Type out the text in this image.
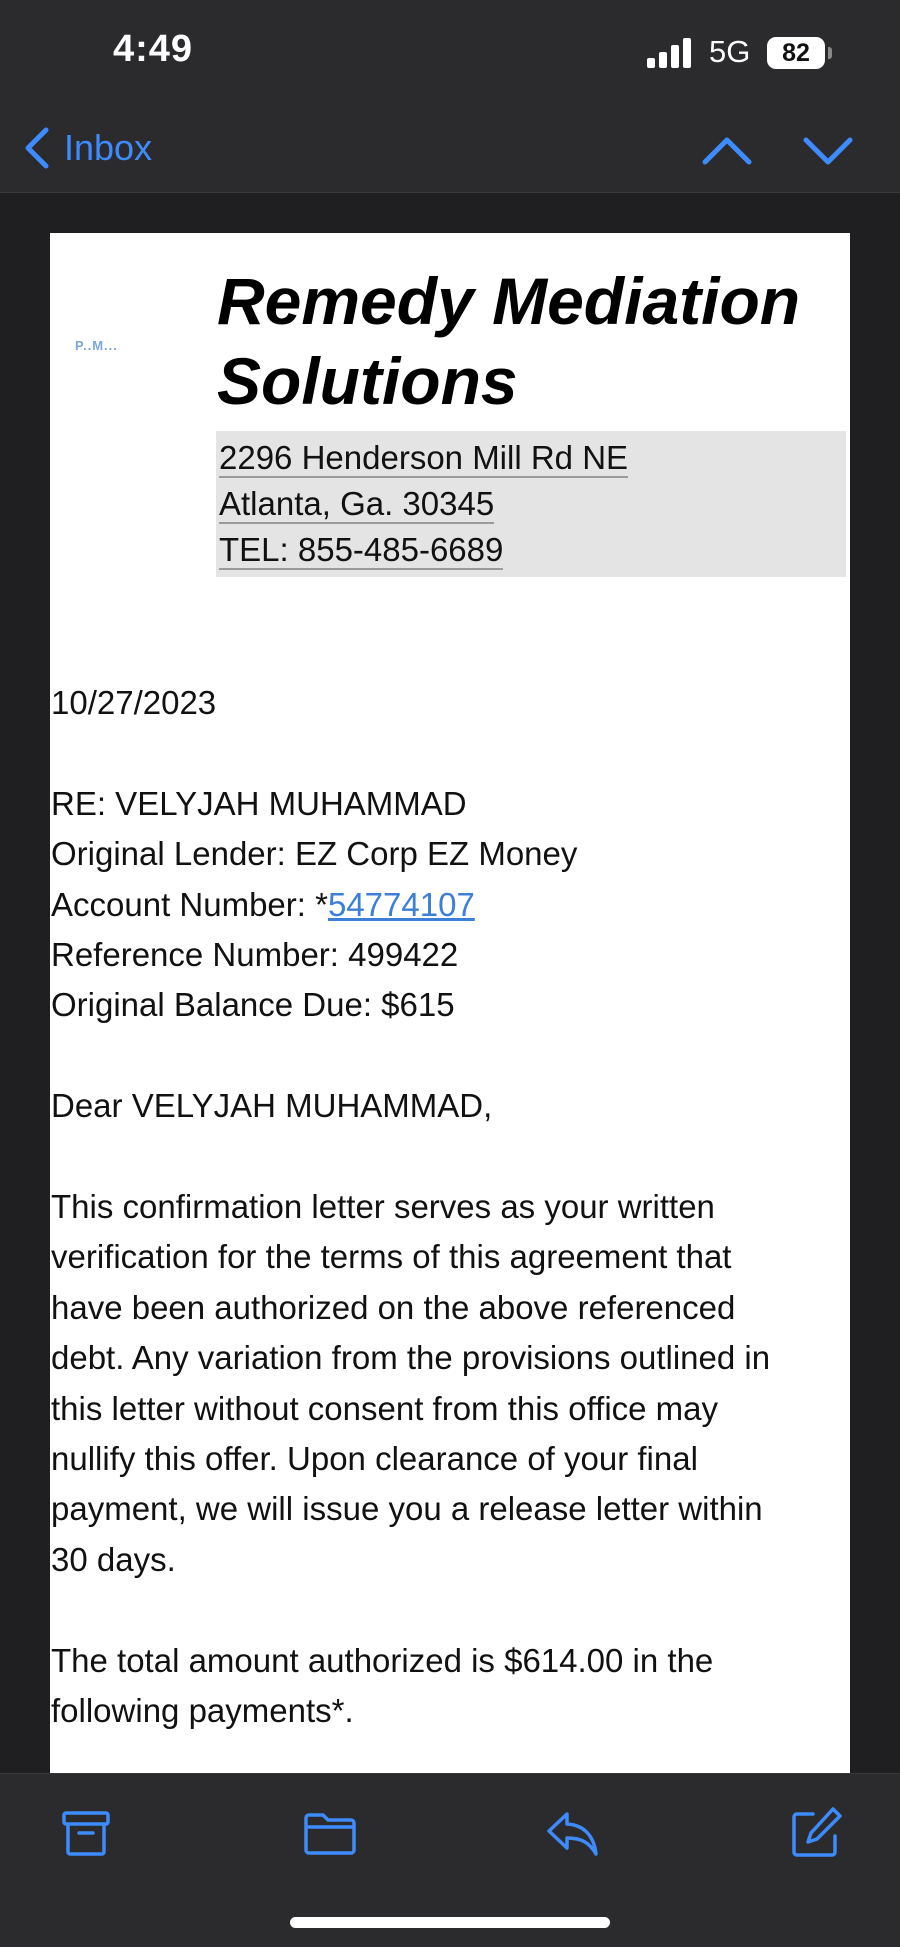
4:49	5G	82
Inbox
P..M...
Remedy Mediation
Solutions
2296 Henderson Mill Rd NE
Atlanta, Ga. 30345
TEL: 855-485-6689

10/27/2023

RE: VELYJAH MUHAMMAD

Original Lender: EZ Corp EZ Money

Account Number: *54774107

Reference Number: 499422

Original Balance Due: $615

Dear VELYJAH MUHAMMAD,

This confirmation letter serves as your written

verification for the terms of this agreement that

have been authorized on the above referenced

debt. Any variation from the provisions outlined in

this letter without consent from this office may

nullify this offer. Upon clearance of your final

payment, we will issue you a release letter within

30 days.

The total amount authorized is $614.00 in the

following payments*.
